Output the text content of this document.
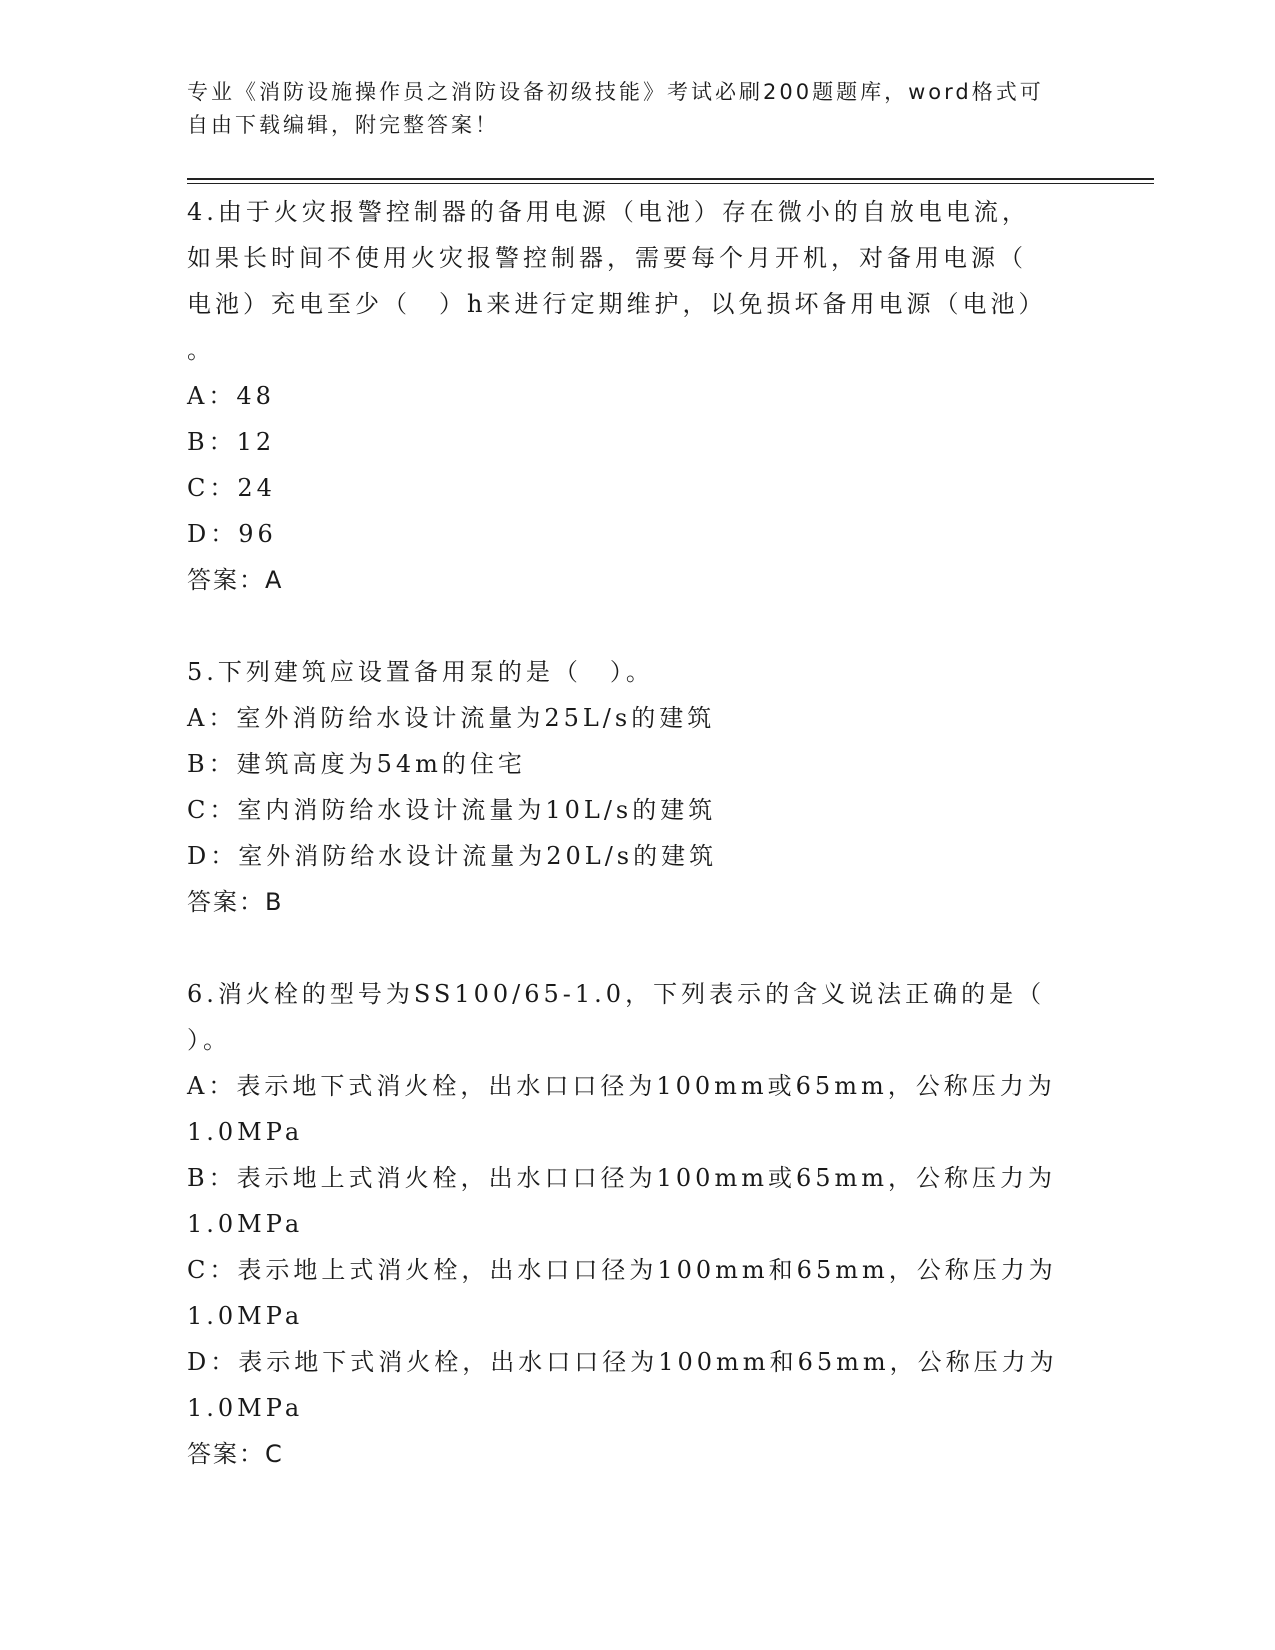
专业《消防设施操作员之消防设备初级技能》考试必刷200题题库，word格式可

自由下载编辑，附完整答案！

4.由于火灾报警控制器的备用电源（电池）存在微小的自放电电流，

如果长时间不使用火灾报警控制器，需要每个月开机，对备用电源（

电池）充电至少（　）h来进行定期维护，以免损坏备用电源（电池）

。

A：48

B：12

C：24

D：96

答案：A

5.下列建筑应设置备用泵的是（　）。

A：室外消防给水设计流量为25L/s的建筑

B：建筑高度为54m的住宅

C：室内消防给水设计流量为10L/s的建筑

D：室外消防给水设计流量为20L/s的建筑

答案：B

6.消火栓的型号为SS100/65-1.0，下列表示的含义说法正确的是（

）。

A：表示地下式消火栓，出水口口径为100mm或65mm，公称压力为

1.0MPa

B：表示地上式消火栓，出水口口径为100mm或65mm，公称压力为

1.0MPa

C：表示地上式消火栓，出水口口径为100mm和65mm，公称压力为

1.0MPa

D：表示地下式消火栓，出水口口径为100mm和65mm，公称压力为

1.0MPa

答案：C
